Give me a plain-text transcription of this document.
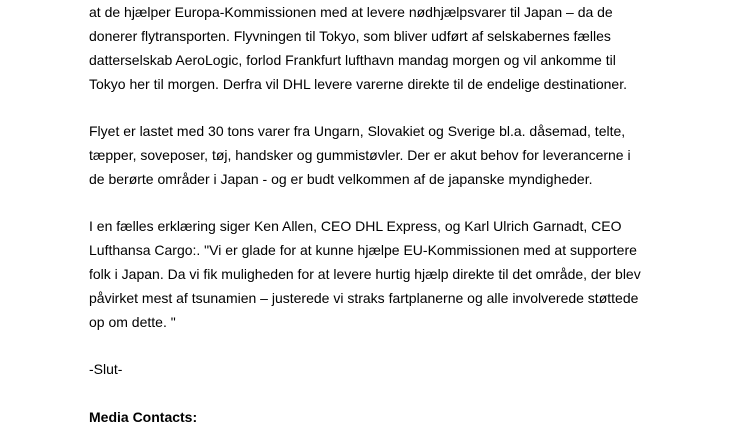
at de hjælper Europa-Kommissionen med at levere nødhjælpsvarer til Japan – da de
donerer flytransporten. Flyvningen til Tokyo, som bliver udført af selskabernes fælles
datterselskab AeroLogic, forlod Frankfurt lufthavn mandag morgen og vil ankomme til
Tokyo her til morgen. Derfra vil DHL levere varerne direkte til de endelige destinationer.
Flyet er lastet med 30 tons varer fra Ungarn, Slovakiet og Sverige bl.a. dåsemad, telte,
tæpper, soveposer, tøj, handsker og gummistøvler. Der er akut behov for leverancerne i
de berørte områder i Japan - og er budt velkommen af de japanske myndigheder.
I en fælles erklæring siger Ken Allen, CEO DHL Express, og Karl Ulrich Garnadt, CEO
Lufthansa Cargo:. "Vi er glade for at kunne hjælpe EU-Kommissionen med at supportere
folk i Japan. Da vi fik muligheden for at levere hurtig hjælp direkte til det område, der blev
påvirket mest af tsunamien – justerede vi straks fartplanerne og alle involverede støttede
op om dette. "
-Slut-
Media Contacts:
